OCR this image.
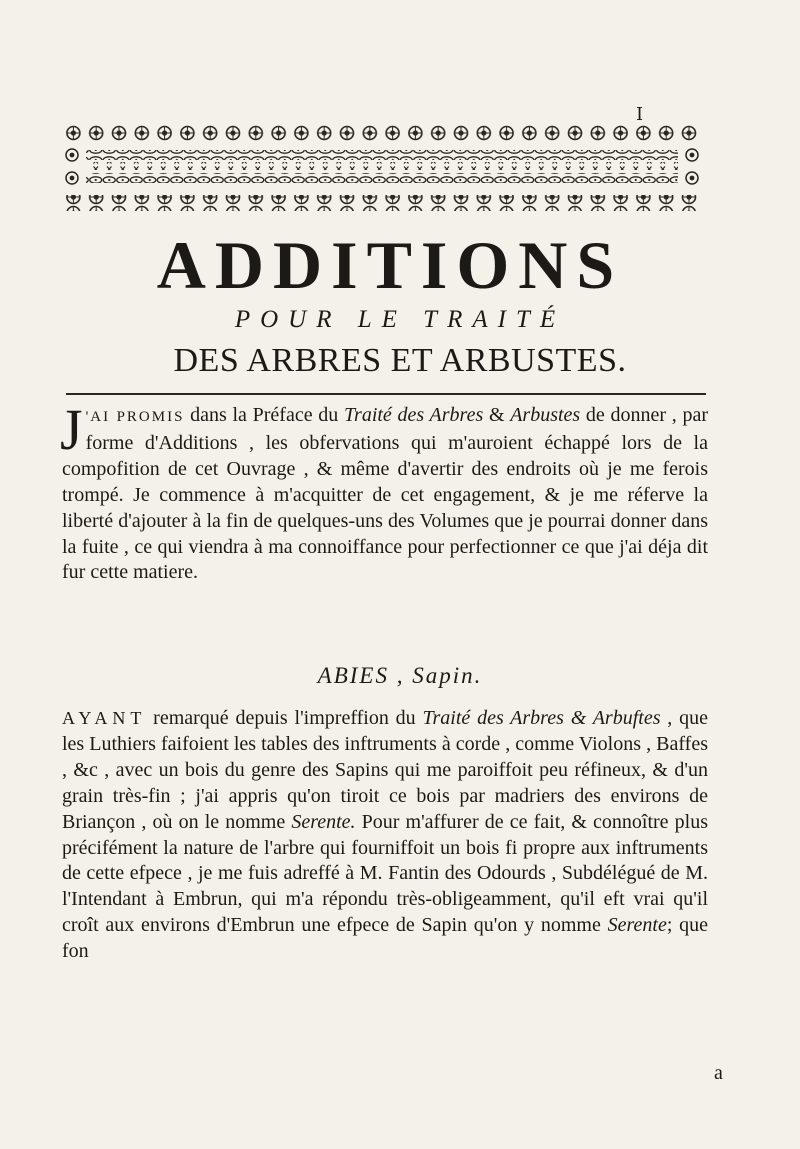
I
ADDITIONS
POUR LE TRAITÉ
DES ARBRES ET ARBUSTES.
J 'AI PROMIS dans la Préface du Traité des Arbres & Arbustes de donner , par forme d'Additions , les obfervations qui m'auroient échappé lors de la compofition de cet Ouvrage , & même d'avertir des endroits où je me ferois trompé. Je commence à m'acquitter de cet engagement, & je me réferve la liberté d'ajouter à la fin de quelques-uns des Volumes que je pourrai donner dans la fuite , ce qui viendra à ma connoiffance pour perfectionner ce que j'ai déja dit fur cette matiere.
ABIES , Sapin.
AYANT remarqué depuis l'impreffion du Traité des Arbres & Arbuftes , que les Luthiers faifoient les tables des inftruments à corde , comme Violons , Baffes , &c , avec un bois du genre des Sapins qui me paroiffoit peu réfineux, & d'un grain très-fin ; j'ai appris qu'on tiroit ce bois par madriers des environs de Briançon , où on le nomme Serente. Pour m'affurer de ce fait, & connoître plus précifément la nature de l'arbre qui fourniffoit un bois fi propre aux inftruments de cette efpece , je me fuis adreffé à M. Fantin des Odourds , Subdélégué de M. l'Intendant à Embrun, qui m'a répondu très-obligeamment, qu'il eft vrai qu'il croît aux environs d'Embrun une efpece de Sapin qu'on y nomme Serente; que fon
a
